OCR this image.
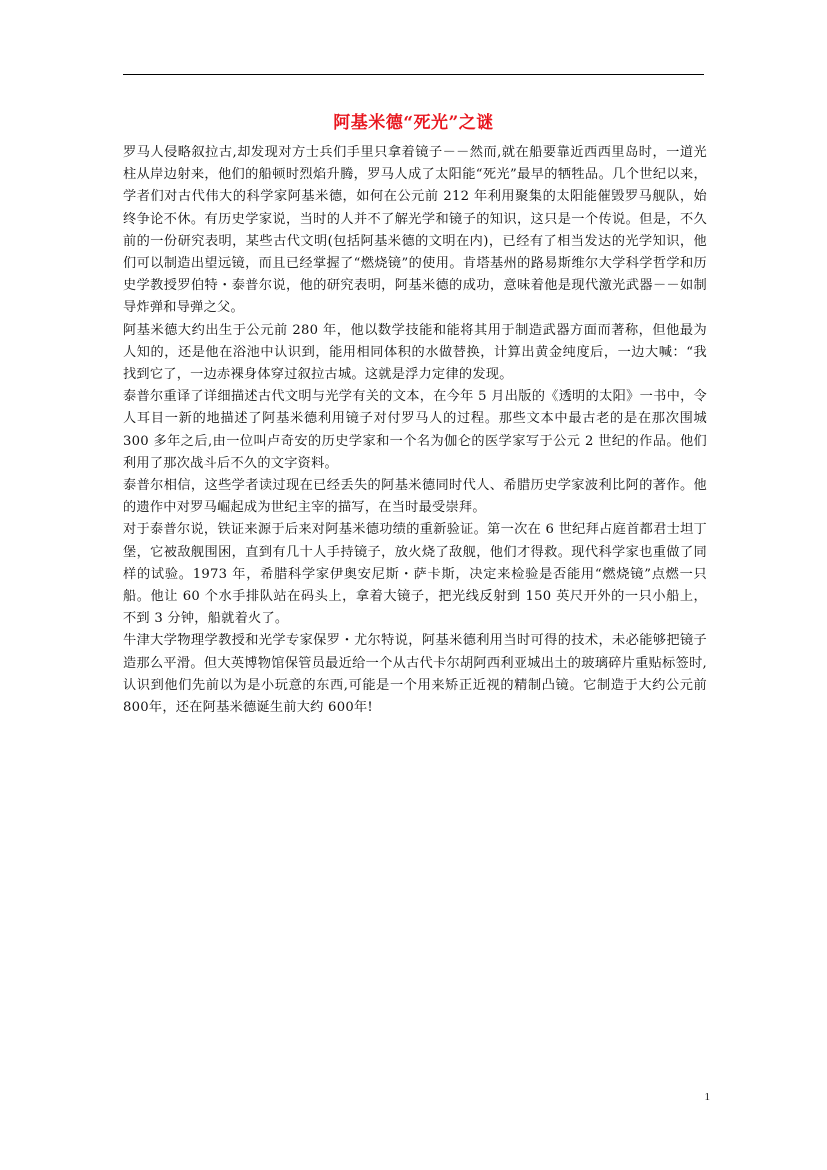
阿基米德“死光”之谜

罗马人侵略叙拉古,却发现对方士兵们手里只拿着镜子－－然而,就在船要靠近西西里岛时，一道光柱从岸边射来，他们的船顿时烈焰升腾，罗马人成了太阳能“死光”最早的牺牲品。几个世纪以来，学者们对古代伟大的科学家阿基米德，如何在公元前 212 年利用聚集的太阳能催毁罗马舰队，始终争论不休。有历史学家说，当时的人并不了解光学和镜子的知识，这只是一个传说。但是，不久前的一份研究表明，某些古代文明(包括阿基米德的文明在内)，已经有了相当发达的光学知识，他们可以制造出望远镜，而且已经掌握了“燃烧镜”的使用。肯塔基州的路易斯维尔大学科学哲学和历史学教授罗伯特・泰普尔说，他的研究表明，阿基米德的成功，意味着他是现代激光武器－－如制导炸弹和导弹之父。

阿基米德大约出生于公元前 280 年，他以数学技能和能将其用于制造武器方面而著称，但他最为人知的，还是他在浴池中认识到，能用相同体积的水做替换，计算出黄金纯度后，一边大喊：“我找到它了，一边赤裸身体穿过叙拉古城。这就是浮力定律的发现。

泰普尔重译了详细描述古代文明与光学有关的文本，在今年 5 月出版的《透明的太阳》一书中，令人耳目一新的地描述了阿基米德利用镜子对付罗马人的过程。那些文本中最古老的是在那次围城 300 多年之后,由一位叫卢奇安的历史学家和一个名为伽仑的医学家写于公元 2 世纪的作品。他们利用了那次战斗后不久的文字资料。

泰普尔相信，这些学者读过现在已经丢失的阿基米德同时代人、希腊历史学家波利比阿的著作。他的遗作中对罗马崛起成为世纪主宰的描写，在当时最受崇拜。

对于泰普尔说，铁证来源于后来对阿基米德功绩的重新验证。第一次在 6 世纪拜占庭首都君士坦丁堡，它被敌舰围困，直到有几十人手持镜子，放火烧了敌舰，他们才得救。现代科学家也重做了同样的试验。1973 年，希腊科学家伊奥安尼斯・萨卡斯，决定来检验是否能用“燃烧镜”点燃一只船。他让 60 个水手排队站在码头上，拿着大镜子，把光线反射到 150 英尺开外的一只小船上，不到 3 分钟，船就着火了。

牛津大学物理学教授和光学专家保罗・尤尔特说，阿基米德利用当时可得的技术，未必能够把镜子造那么平滑。但大英博物馆保管员最近给一个从古代卡尔胡阿西利亚城出土的玻璃碎片重贴标签时,认识到他们先前以为是小玩意的东西,可能是一个用来矫正近视的精制凸镜。它制造于大约公元前 800年，还在阿基米德诞生前大约 600年!

1
